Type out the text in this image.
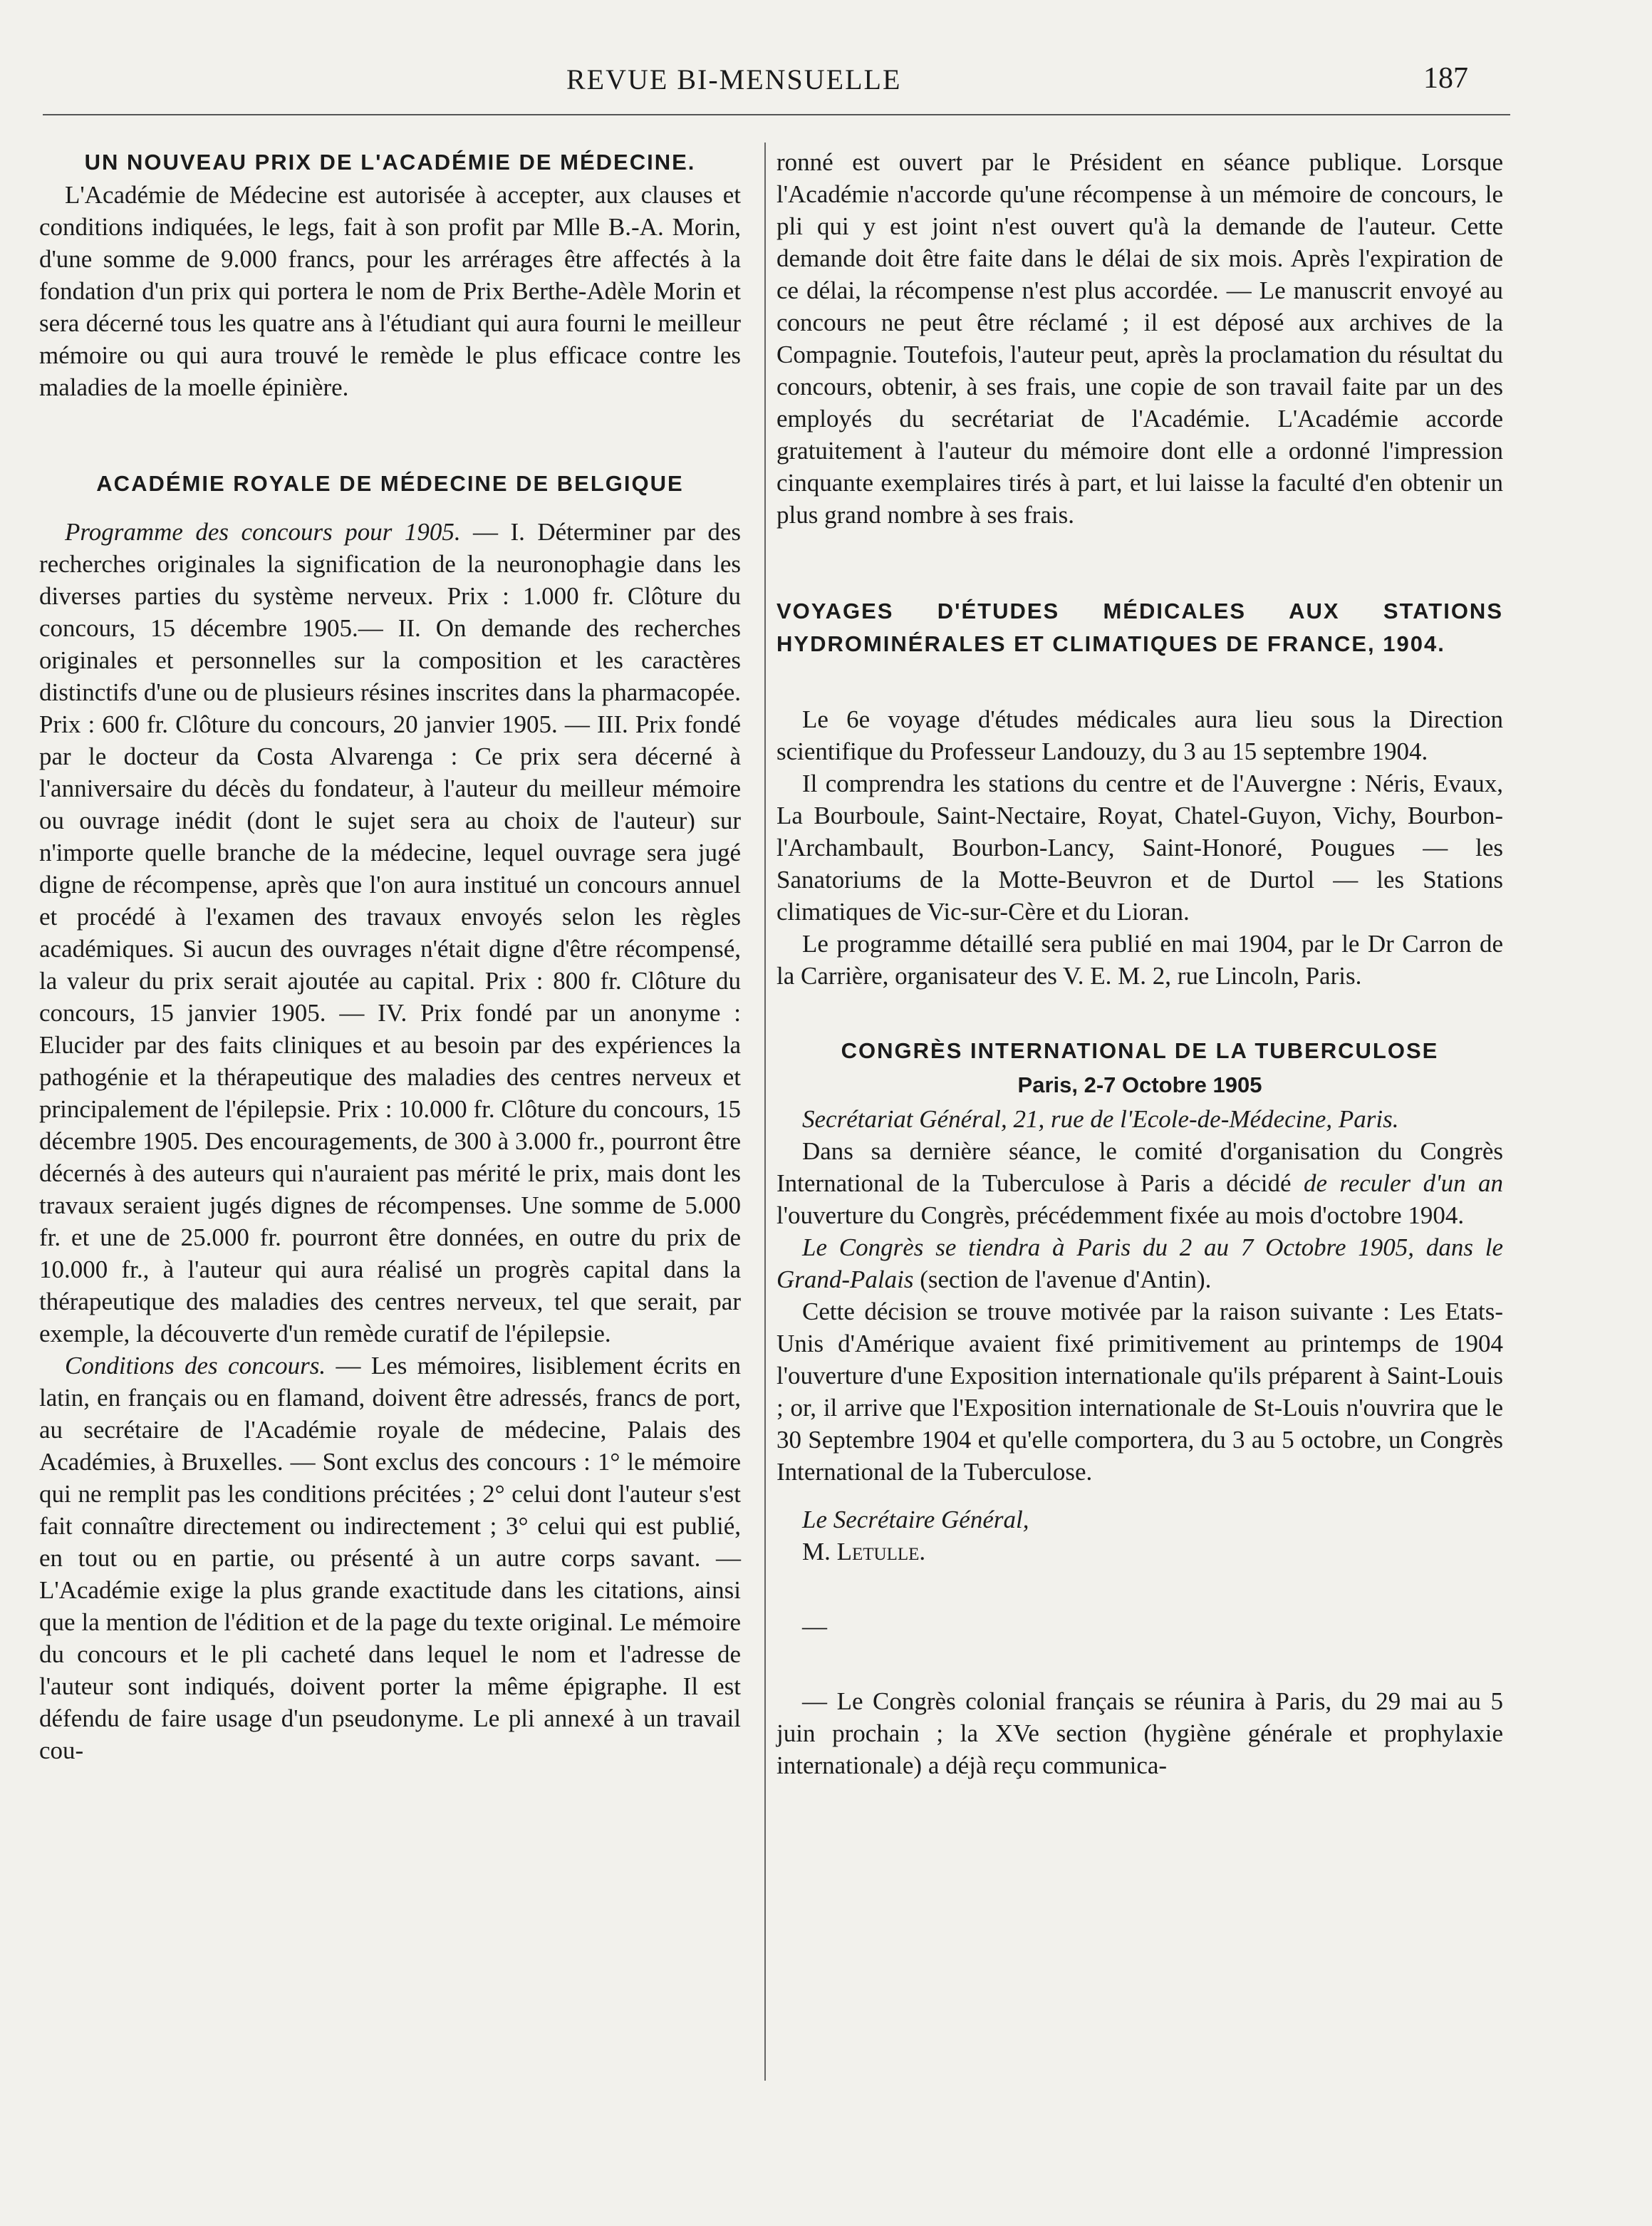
REVUE BI-MENSUELLE	187
UN NOUVEAU PRIX DE L'ACADÉMIE DE MÉDECINE.

L'Académie de Médecine est autorisée à accepter, aux clauses et conditions indiquées, le legs, fait à son profit par Mlle B.-A. Morin, d'une somme de 9.000 francs, pour les arrérages être affectés à la fondation d'un prix qui portera le nom de Prix Berthe-Adèle Morin et sera décerné tous les quatre ans à l'étudiant qui aura fourni le meilleur mémoire ou qui aura trouvé le remède le plus efficace contre les maladies de la moelle épinière.

ACADÉMIE ROYALE DE MÉDECINE DE BELGIQUE

Programme des concours pour 1905. — I. Déterminer par des recherches originales la signification de la neuronophagie dans les diverses parties du système nerveux. Prix : 1.000 fr. Clôture du concours, 15 décembre 1905.— II. On demande des recherches originales et personnelles sur la composition et les caractères distinctifs d'une ou de plusieurs résines inscrites dans la pharmacopée. Prix : 600 fr. Clôture du concours, 20 janvier 1905. — III. Prix fondé par le docteur da Costa Alvarenga : Ce prix sera décerné à l'anniversaire du décès du fondateur, à l'auteur du meilleur mémoire ou ouvrage inédit (dont le sujet sera au choix de l'auteur) sur n'importe quelle branche de la médecine, lequel ouvrage sera jugé digne de récompense, après que l'on aura institué un concours annuel et procédé à l'examen des travaux envoyés selon les règles académiques. Si aucun des ouvrages n'était digne d'être récompensé, la valeur du prix serait ajoutée au capital. Prix : 800 fr. Clôture du concours, 15 janvier 1905. — IV. Prix fondé par un anonyme : Elucider par des faits cliniques et au besoin par des expériences la pathogénie et la thérapeutique des maladies des centres nerveux et principalement de l'épilepsie. Prix : 10.000 fr. Clôture du concours, 15 décembre 1905. Des encouragements, de 300 à 3.000 fr., pourront être décernés à des auteurs qui n'auraient pas mérité le prix, mais dont les travaux seraient jugés dignes de récompenses. Une somme de 5.000 fr. et une de 25.000 fr. pourront être données, en outre du prix de 10.000 fr., à l'auteur qui aura réalisé un progrès capital dans la thérapeutique des maladies des centres nerveux, tel que serait, par exemple, la découverte d'un remède curatif de l'épilepsie.

Conditions des concours. — Les mémoires, lisiblement écrits en latin, en français ou en flamand, doivent être adressés, francs de port, au secrétaire de l'Académie royale de médecine, Palais des Académies, à Bruxelles. — Sont exclus des concours : 1° le mémoire qui ne remplit pas les conditions précitées ; 2° celui dont l'auteur s'est fait connaître directement ou indirectement ; 3° celui qui est publié, en tout ou en partie, ou présenté à un autre corps savant. — L'Académie exige la plus grande exactitude dans les citations, ainsi que la mention de l'édition et de la page du texte original. Le mémoire du concours et le pli cacheté dans lequel le nom et l'adresse de l'auteur sont indiqués, doivent porter la même épigraphe. Il est défendu de faire usage d'un pseudonyme. Le pli annexé à un travail cou-

ronné est ouvert par le Président en séance publique. Lorsque l'Académie n'accorde qu'une récompense à un mémoire de concours, le pli qui y est joint n'est ouvert qu'à la demande de l'auteur. Cette demande doit être faite dans le délai de six mois. Après l'expiration de ce délai, la récompense n'est plus accordée. — Le manuscrit envoyé au concours ne peut être réclamé ; il est déposé aux archives de la Compagnie. Toutefois, l'auteur peut, après la proclamation du résultat du concours, obtenir, à ses frais, une copie de son travail faite par un des employés du secrétariat de l'Académie. L'Académie accorde gratuitement à l'auteur du mémoire dont elle a ordonné l'impression cinquante exemplaires tirés à part, et lui laisse la faculté d'en obtenir un plus grand nombre à ses frais.

VOYAGES D'ÉTUDES MÉDICALES AUX STATIONS HYDROMINÉRALES ET CLIMATIQUES DE FRANCE, 1904.

Le 6e voyage d'études médicales aura lieu sous la Direction scientifique du Professeur Landouzy, du 3 au 15 septembre 1904.

Il comprendra les stations du centre et de l'Auvergne : Néris, Evaux, La Bourboule, Saint-Nectaire, Royat, Chatel-Guyon, Vichy, Bourbon-l'Archambault, Bourbon-Lancy, Saint-Honoré, Pougues — les Sanatoriums de la Motte-Beuvron et de Durtol — les Stations climatiques de Vic-sur-Cère et du Lioran.

Le programme détaillé sera publié en mai 1904, par le Dr Carron de la Carrière, organisateur des V. E. M. 2, rue Lincoln, Paris.

CONGRÈS INTERNATIONAL DE LA TUBERCULOSE
Paris, 2-7 Octobre 1905

Secrétariat Général, 21, rue de l'Ecole-de-Médecine, Paris.

Dans sa dernière séance, le comité d'organisation du Congrès International de la Tuberculose à Paris a décidé de reculer d'un an l'ouverture du Congrès, précédemment fixée au mois d'octobre 1904.

Le Congrès se tiendra à Paris du 2 au 7 Octobre 1905, dans le Grand-Palais (section de l'avenue d'Antin).

Cette décision se trouve motivée par la raison suivante : Les Etats-Unis d'Amérique avaient fixé primitivement au printemps de 1904 l'ouverture d'une Exposition internationale qu'ils préparent à Saint-Louis ; or, il arrive que l'Exposition internationale de St-Louis n'ouvrira que le 30 Septembre 1904 et qu'elle comportera, du 3 au 5 octobre, un Congrès International de la Tuberculose.

Le Secrétaire Général,

M. Letulle.

—

— Le Congrès colonial français se réunira à Paris, du 29 mai au 5 juin prochain ; la XVe section (hygiène générale et prophylaxie internationale) a déjà reçu communica-
